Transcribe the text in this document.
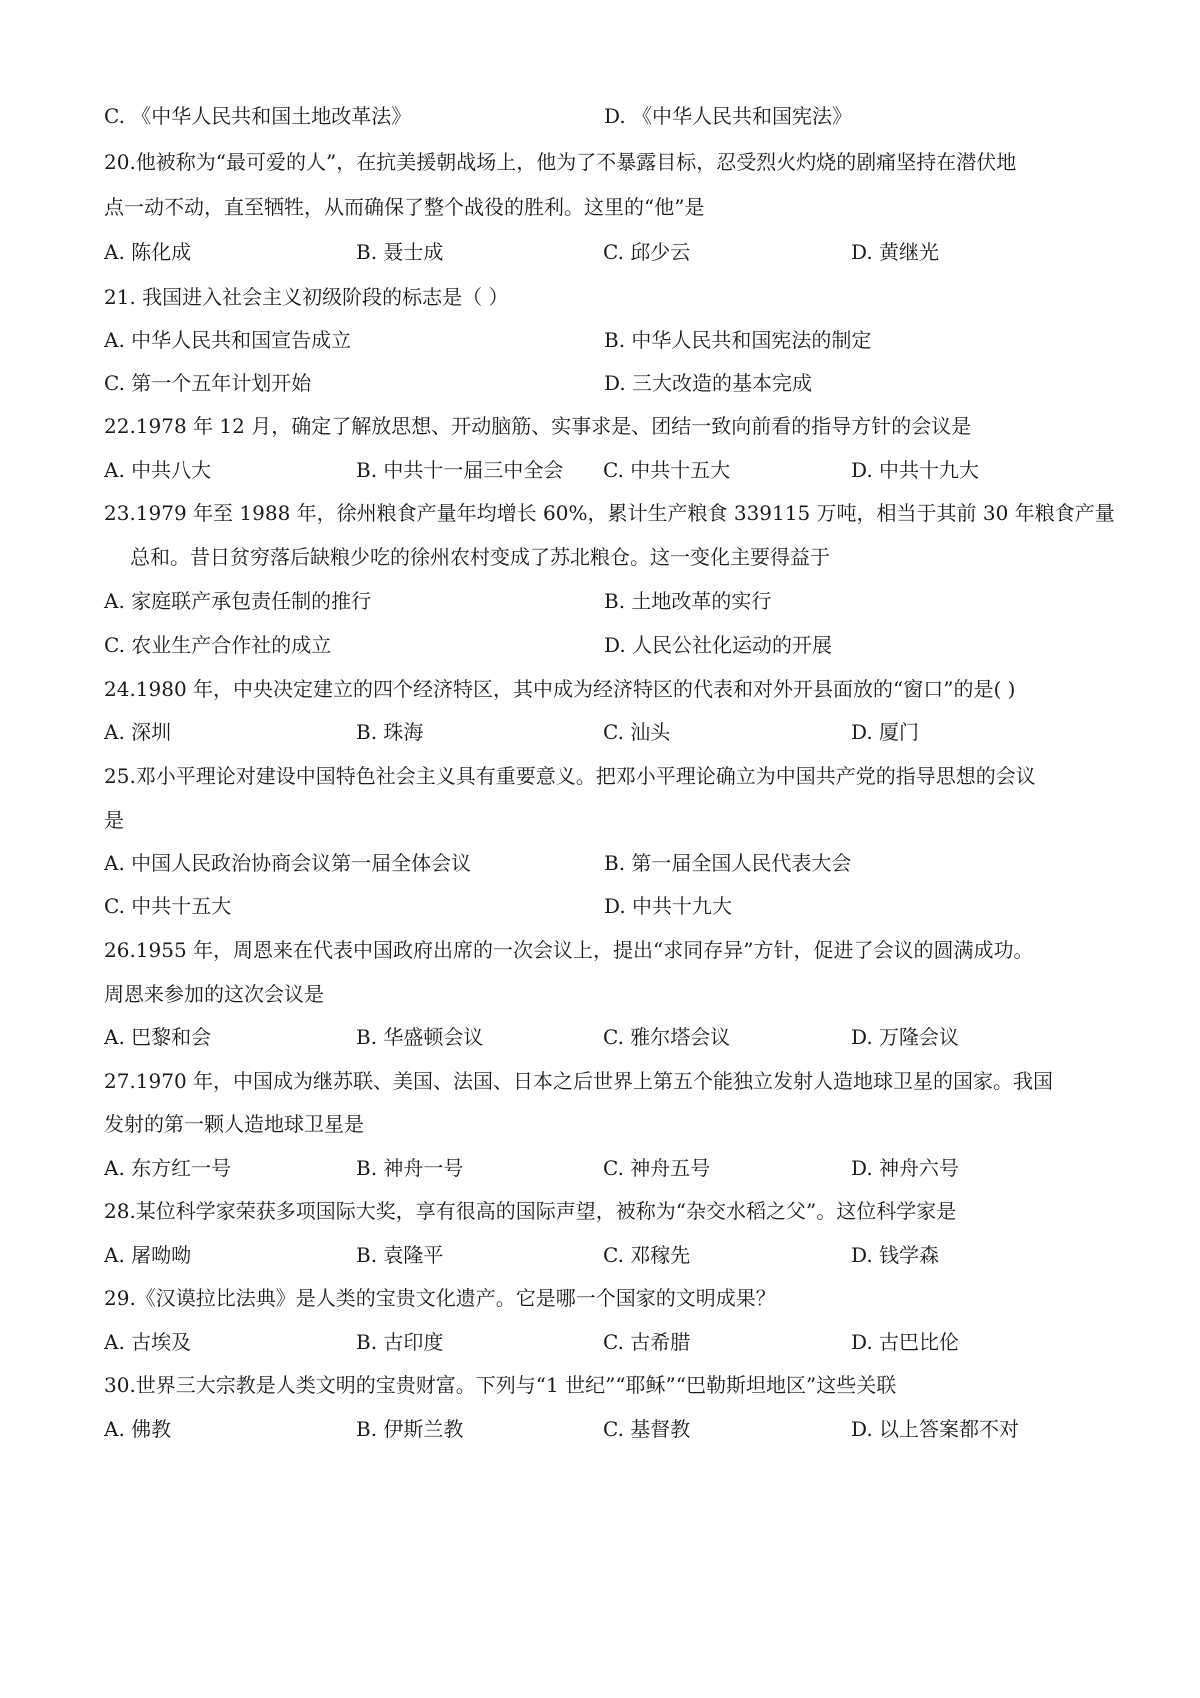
C. 《中华人民共和国土地改革法》	D. 《中华人民共和国宪法》
20.他被称为“最可爱的人”，在抗美援朝战场上，他为了不暴露目标，忍受烈火灼烧的剧痛坚持在潜伏地
点一动不动，直至牺牲，从而确保了整个战役的胜利。这里的“他”是
A. 陈化成	B. 聂士成	C. 邱少云	D. 黄继光
21. 我国进入社会主义初级阶段的标志是（ ）
A. 中华人民共和国宣告成立	B. 中华人民共和国宪法的制定
C. 第一个五年计划开始	D. 三大改造的基本完成
22.1978 年 12 月，确定了解放思想、开动脑筋、实事求是、团结一致向前看的指导方针的会议是
A. 中共八大	B. 中共十一届三中全会 C. 中共十五大	D. 中共十九大
23.1979 年至 1988 年，徐州粮食产量年均增长 60%，累计生产粮食 339115 万吨，相当于其前 30 年粮食产量
总和。昔日贫穷落后缺粮少吃的徐州农村变成了苏北粮仓。这一变化主要得益于
A. 家庭联产承包责任制的推行	B. 土地改革的实行
C. 农业生产合作社的成立	D. 人民公社化运动的开展
24.1980 年，中央决定建立的四个经济特区，其中成为经济特区的代表和对外开县面放的“窗口”的是( )
A. 深圳	B. 珠海	C. 汕头	D. 厦门
25.邓小平理论对建设中国特色社会主义具有重要意义。把邓小平理论确立为中国共产党的指导思想的会议
是
A. 中国人民政治协商会议第一届全体会议	B. 第一届全国人民代表大会
C. 中共十五大	D. 中共十九大
26.1955 年，周恩来在代表中国政府出席的一次会议上，提出“求同存异”方针，促进了会议的圆满成功。
周恩来参加的这次会议是
A. 巴黎和会	B. 华盛顿会议	C. 雅尔塔会议	D. 万隆会议
27.1970 年，中国成为继苏联、美国、法国、日本之后世界上第五个能独立发射人造地球卫星的国家。我国
发射的第一颗人造地球卫星是
A. 东方红一号	B. 神舟一号	C. 神舟五号	D. 神舟六号
28.某位科学家荣获多项国际大奖，享有很高的国际声望，被称为“杂交水稻之父”。这位科学家是
A. 屠呦呦	B. 袁隆平	C. 邓稼先	D. 钱学森
29.《汉谟拉比法典》是人类的宝贵文化遗产。它是哪一个国家的文明成果？
A. 古埃及	B. 古印度	C. 古希腊	D. 古巴比伦
30.世界三大宗教是人类文明的宝贵财富。下列与“1 世纪”“耶稣”“巴勒斯坦地区”这些关联
A. 佛教	B. 伊斯兰教	C. 基督教	D. 以上答案都不对
